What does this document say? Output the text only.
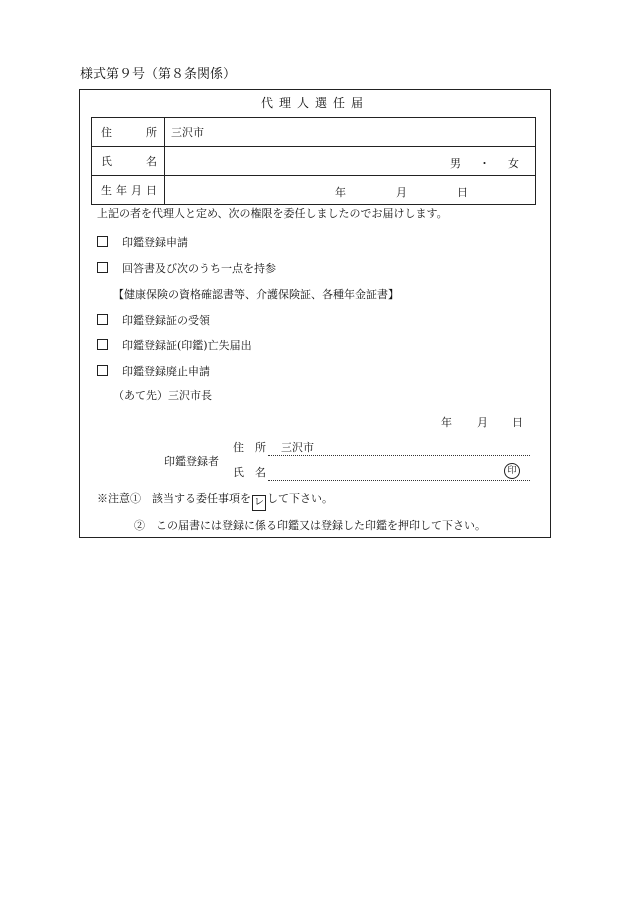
様式第９号（第８条関係）
代理人選任届
住 所	三沢市

氏 名	男 ・ 女

生 年 月 日	年 月 日
上記の者を代理人と定め、次の権限を委任しましたのでお届けします。
印鑑登録申請
回答書及び次のうち一点を持参
【健康保険の資格確認書等、介護保険証、各種年金証書】
印鑑登録証の受領
印鑑登録証(印鑑)亡失届出
印鑑登録廃止申請
（あて先）三沢市長
年 月 日
印鑑登録者
住　所 三沢市
氏　名	印
※注意①　該当する委任事項を レ して下さい。
②　この届書には登録に係る印鑑又は登録した印鑑を押印して下さい。
